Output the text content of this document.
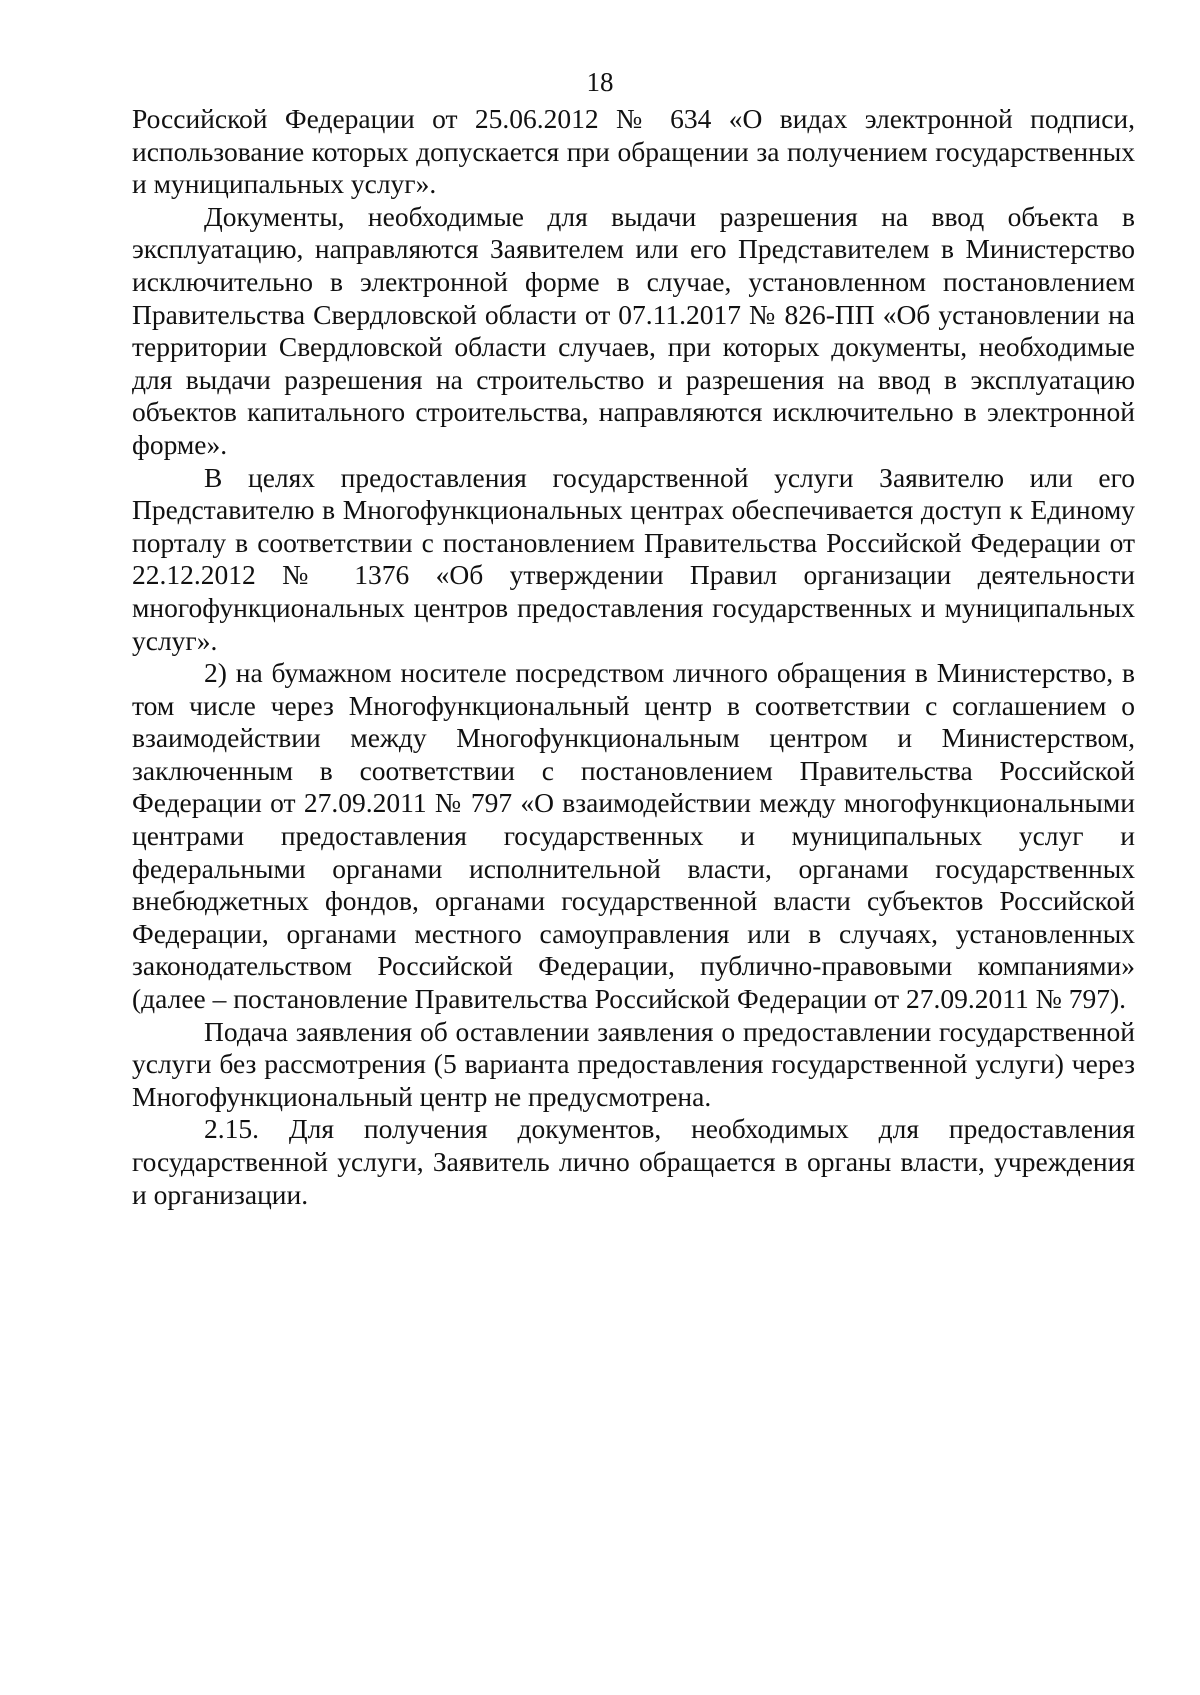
18

Российской Федерации от 25.06.2012 № 634 «О видах электронной подписи, использование которых допускается при обращении за получением государственных и муниципальных услуг».

Документы, необходимые для выдачи разрешения на ввод объекта в эксплуатацию, направляются Заявителем или его Представителем в Министерство исключительно в электронной форме в случае, установленном постановлением Правительства Свердловской области от 07.11.2017 № 826-ПП «Об установлении на территории Свердловской области случаев, при которых документы, необходимые для выдачи разрешения на строительство и разрешения на ввод в эксплуатацию объектов капитального строительства, направляются исключительно в электронной форме».

В целях предоставления государственной услуги Заявителю или его Представителю в Многофункциональных центрах обеспечивается доступ к Единому порталу в соответствии с постановлением Правительства Российской Федерации от 22.12.2012 № 1376 «Об утверждении Правил организации деятельности многофункциональных центров предоставления государственных и муниципальных услуг».

2) на бумажном носителе посредством личного обращения в Министерство, в том числе через Многофункциональный центр в соответствии с соглашением о взаимодействии между Многофункциональным центром и Министерством, заключенным в соответствии с постановлением Правительства Российской Федерации от 27.09.2011 № 797 «О взаимодействии между многофункциональными центрами предоставления государственных и муниципальных услуг и федеральными органами исполнительной власти, органами государственных внебюджетных фондов, органами государственной власти субъектов Российской Федерации, органами местного самоуправления или в случаях, установленных законодательством Российской Федерации, публично-правовыми компаниями» (далее – постановление Правительства Российской Федерации от 27.09.2011 № 797).

Подача заявления об оставлении заявления о предоставлении государственной услуги без рассмотрения (5 варианта предоставления государственной услуги) через Многофункциональный центр не предусмотрена.

2.15. Для получения документов, необходимых для предоставления государственной услуги, Заявитель лично обращается в органы власти, учреждения и организации.
